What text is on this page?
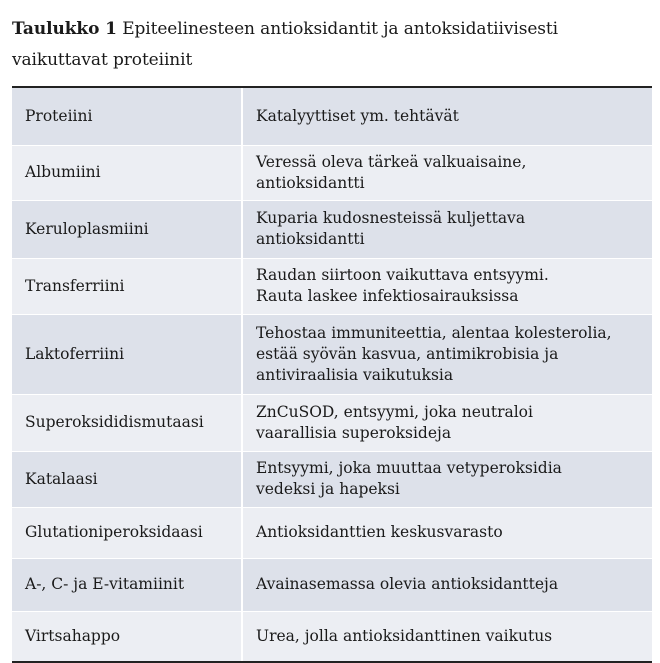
Taulukko 1 Epiteelinesteen antioksidantit ja antoksidatiivisesti vaikuttavat proteiinit
Proteiini	Katalyyttiset ym. tehtävät
Albumiini	Veressä oleva tärkeä valkuaisaine,
antioksidantti
Keruloplasmiini	Kuparia kudosnesteissä kuljettava
antioksidantti
Transferriini	Raudan siirtoon vaikuttava entsyymi.
Rauta laskee infektiosairauksissa
Laktoferriini	Tehostaa immuniteettia, alentaa kolesterolia,
estää syövän kasvua, antimikrobisia ja
antiviraalisia vaikutuksia
Superoksididismutaasi	ZnCuSOD, entsyymi, joka neutraloi
vaarallisia superoksideja
Katalaasi	Entsyymi, joka muuttaa vetyperoksidia
vedeksi ja hapeksi
Glutationiperoksidaasi	Antioksidanttien keskusvarasto
A-, C- ja E-vitamiinit	Avainasemassa olevia antioksidantteja
Virtsahappo	Urea, jolla antioksidanttinen vaikutus
